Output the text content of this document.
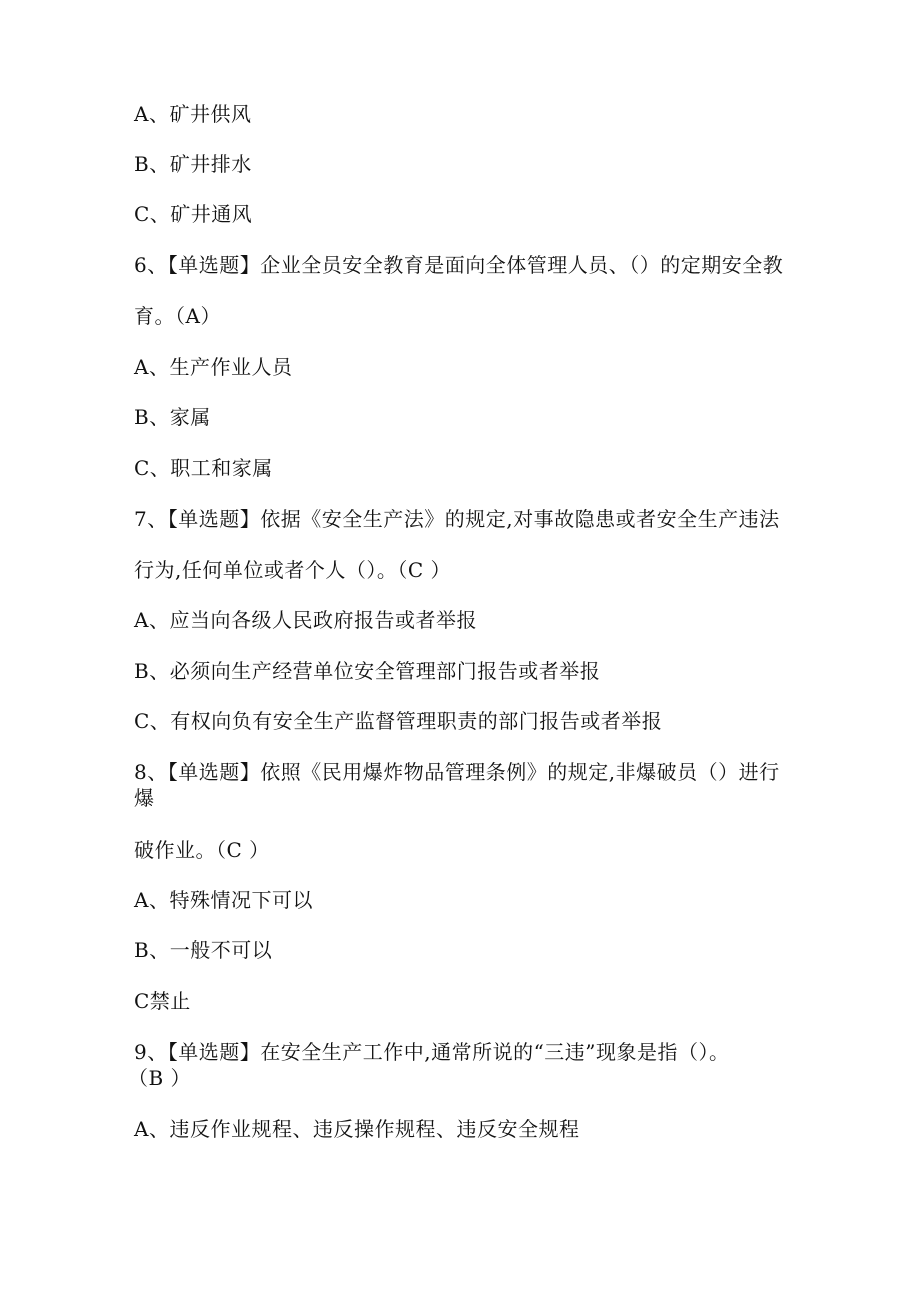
A、矿井供风
B、矿井排水
C、矿井通风
6、【单选题】企业全员安全教育是面向全体管理人员、（）的定期安全教
育。（A）
A、生产作业人员
B、家属
C、职工和家属
7、【单选题】依据《安全生产法》的规定,对事故隐患或者安全生产违法
行为,任何单位或者个人（）。（C ）
A、应当向各级人民政府报告或者举报
B、必须向生产经营单位安全管理部门报告或者举报
C、有权向负有安全生产监督管理职责的部门报告或者举报
8、【单选题】依照《民用爆炸物品管理条例》的规定,非爆破员（）进行
爆
破作业。（C ）
A、特殊情况下可以
B、一般不可以
C禁止
9、【单选题】在安全生产工作中,通常所说的“三违”现象是指（）。
（B ）
A、违反作业规程、违反操作规程、违反安全规程
